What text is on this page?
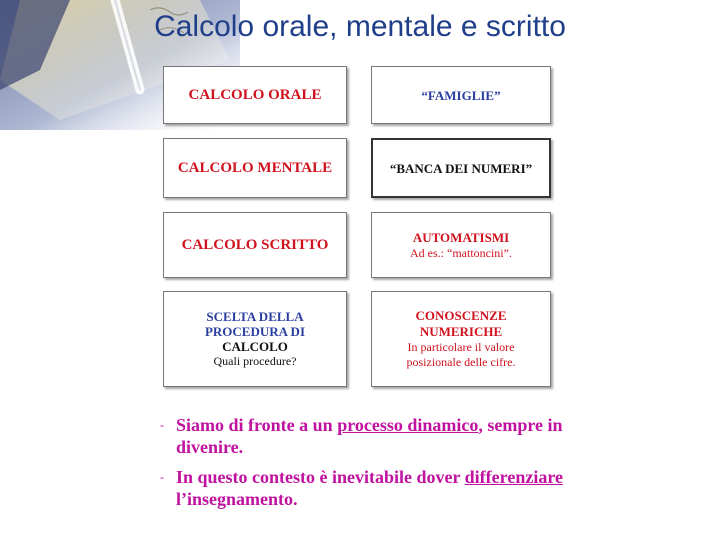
Calcolo orale, mentale e scritto
CALCOLO ORALE	“FAMIGLIE”
CALCOLO MENTALE	“BANCA DEI NUMERI”
CALCOLO SCRITTO	AUTOMATISMI
Ad es.: “mattoncini”.
SCELTA DELLA
PROCEDURA DI
CALCOLO
Quali procedure?
CONOSCENZE
NUMERICHE
In particolare il valore
posizionale delle cifre.
- Siamo di fronte a un processo dinamico, sempre in divenire.
- In questo contesto è inevitabile dover differenziare l’insegnamento.
